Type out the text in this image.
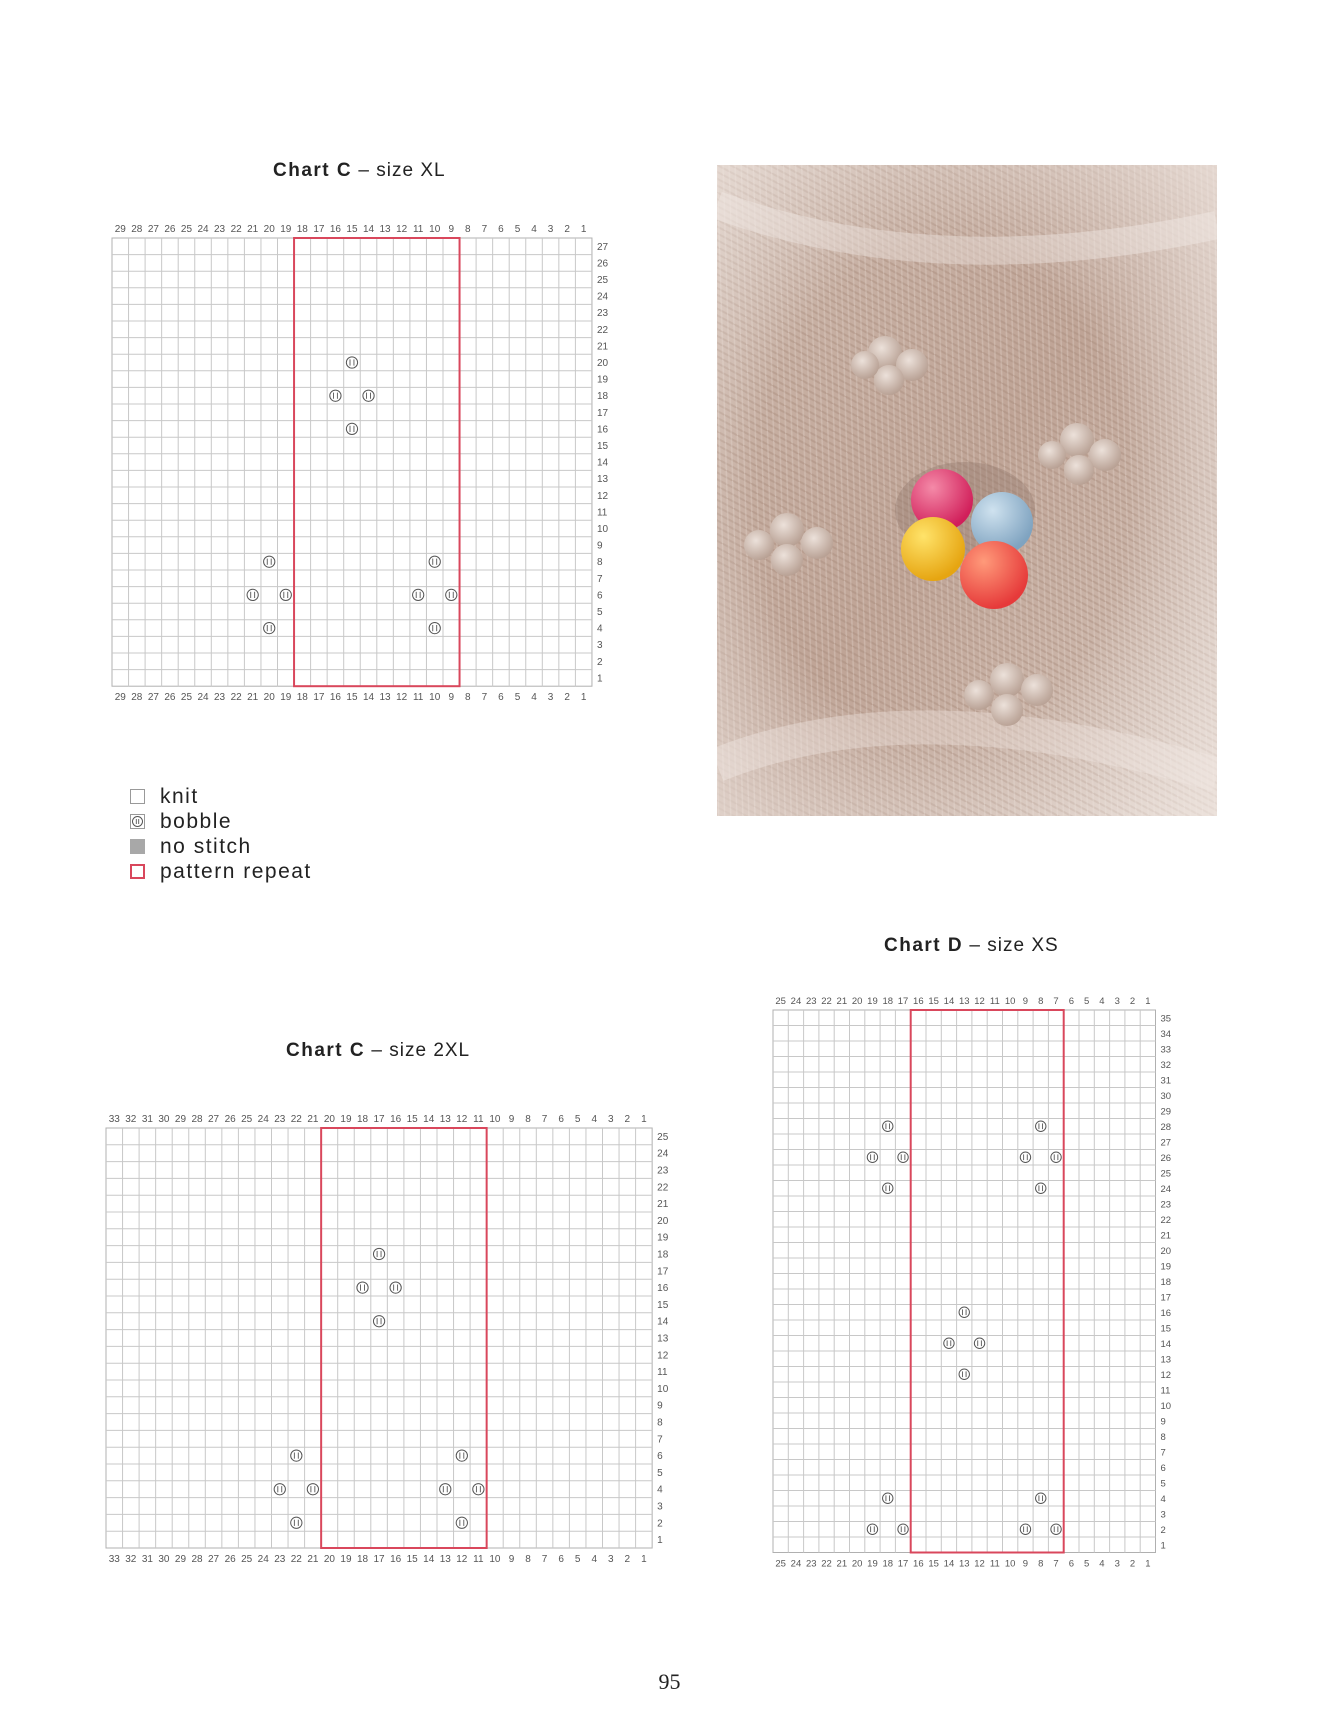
Chart C – size XL
Chart D – size XS
Chart C – size 2XL
1
1
2
2
3
3
4
4
5
5
6
6
7
7
8
8
9
9
10
10
11
11
12
12
13
13
14
14
15
15
16
16
17
17
18
18
19
19
20
20
21
21
22
22
23
23
24
24
25
25
26
26
27
27
28
28
29
29
1
2
3
4
5
6
7
8
9
10
11
12
13
14
15
16
17
18
19
20
21
22
23
24
25
26
27
1
1
2
2
3
3
4
4
5
5
6
6
7
7
8
8
9
9
10
10
11
11
12
12
13
13
14
14
15
15
16
16
17
17
18
18
19
19
20
20
21
21
22
22
23
23
24
24
25
25
26
26
27
27
28
28
29
29
30
30
31
31
32
32
33
33
1
2
3
4
5
6
7
8
9
10
11
12
13
14
15
16
17
18
19
20
21
22
23
24
25
1
1
2
2
3
3
4
4
5
5
6
6
7
7
8
8
9
9
10
10
11
11
12
12
13
13
14
14
15
15
16
16
17
17
18
18
19
19
20
20
21
21
22
22
23
23
24
24
25
25
1
2
3
4
5
6
7
8
9
10
11
12
13
14
15
16
17
18
19
20
21
22
23
24
25
26
27
28
29
30
31
32
33
34
35
knit
bobble
no stitch
pattern repeat
95
